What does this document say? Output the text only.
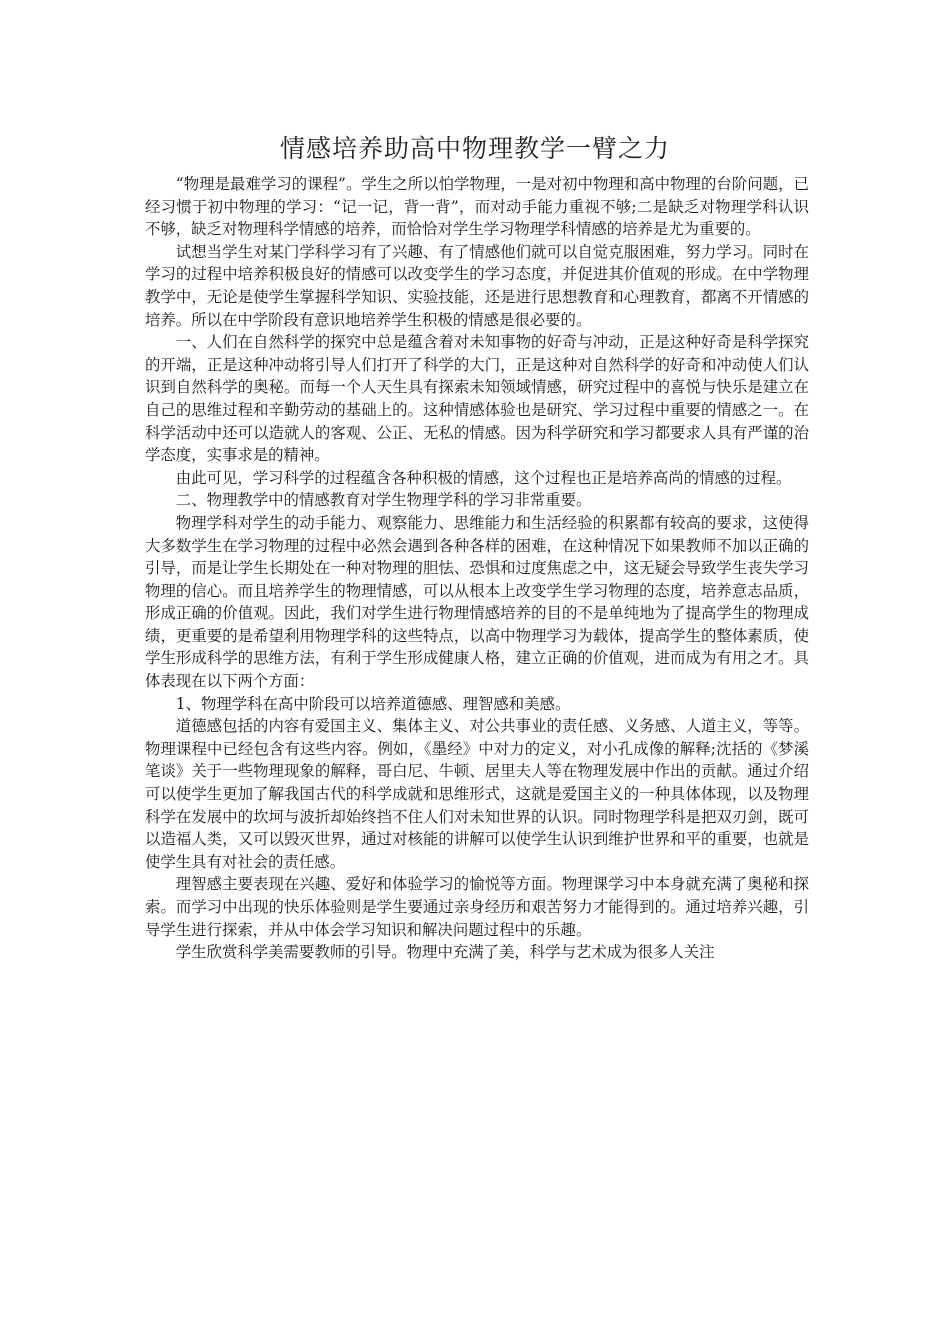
情感培养助高中物理教学一臂之力

“物理是最难学习的课程”。学生之所以怕学物理，一是对初中物理和高中物理的台阶问题，已经习惯于初中物理的学习：“记一记，背一背”，而对动手能力重视不够;二是缺乏对物理学科认识不够，缺乏对物理科学情感的培养，而恰恰对学生学习物理学科情感的培养是尤为重要的。

试想当学生对某门学科学习有了兴趣、有了情感他们就可以自觉克服困难，努力学习。同时在学习的过程中培养积极良好的情感可以改变学生的学习态度，并促进其价值观的形成。在中学物理教学中，无论是使学生掌握科学知识、实验技能，还是进行思想教育和心理教育，都离不开情感的培养。所以在中学阶段有意识地培养学生积极的情感是很必要的。

一、人们在自然科学的探究中总是蕴含着对未知事物的好奇与冲动，正是这种好奇是科学探究的开端，正是这种冲动将引导人们打开了科学的大门，正是这种对自然科学的好奇和冲动使人们认识到自然科学的奥秘。而每一个人天生具有探索未知领域情感，研究过程中的喜悦与快乐是建立在自己的思维过程和辛勤劳动的基础上的。这种情感体验也是研究、学习过程中重要的情感之一。在科学活动中还可以造就人的客观、公正、无私的情感。因为科学研究和学习都要求人具有严谨的治学态度，实事求是的精神。

由此可见，学习科学的过程蕴含各种积极的情感，这个过程也正是培养高尚的情感的过程。

二、物理教学中的情感教育对学生物理学科的学习非常重要。

物理学科对学生的动手能力、观察能力、思维能力和生活经验的积累都有较高的要求，这使得大多数学生在学习物理的过程中必然会遇到各种各样的困难，在这种情况下如果教师不加以正确的引导，而是让学生长期处在一种对物理的胆怯、恐惧和过度焦虑之中，这无疑会导致学生丧失学习物理的信心。而且培养学生的物理情感，可以从根本上改变学生学习物理的态度，培养意志品质，形成正确的价值观。因此，我们对学生进行物理情感培养的目的不是单纯地为了提高学生的物理成绩，更重要的是希望利用物理学科的这些特点，以高中物理学习为载体，提高学生的整体素质，使学生形成科学的思维方法，有利于学生形成健康人格，建立正确的价值观，进而成为有用之才。具体表现在以下两个方面：

1、物理学科在高中阶段可以培养道德感、理智感和美感。

道德感包括的内容有爱国主义、集体主义、对公共事业的责任感、义务感、人道主义，等等。物理课程中已经包含有这些内容。例如，《墨经》中对力的定义，对小孔成像的解释;沈括的《梦溪笔谈》关于一些物理现象的解释，哥白尼、牛顿、居里夫人等在物理发展中作出的贡献。通过介绍可以使学生更加了解我国古代的科学成就和思维形式，这就是爱国主义的一种具体体现，以及物理科学在发展中的坎坷与波折却始终挡不住人们对未知世界的认识。同时物理学科是把双刃剑，既可以造福人类，又可以毁灭世界，通过对核能的讲解可以使学生认识到维护世界和平的重要，也就是使学生具有对社会的责任感。

理智感主要表现在兴趣、爱好和体验学习的愉悦等方面。物理课学习中本身就充满了奥秘和探索。而学习中出现的快乐体验则是学生要通过亲身经历和艰苦努力才能得到的。通过培养兴趣，引导学生进行探索，并从中体会学习知识和解决问题过程中的乐趣。

学生欣赏科学美需要教师的引导。物理中充满了美，科学与艺术成为很多人关注
